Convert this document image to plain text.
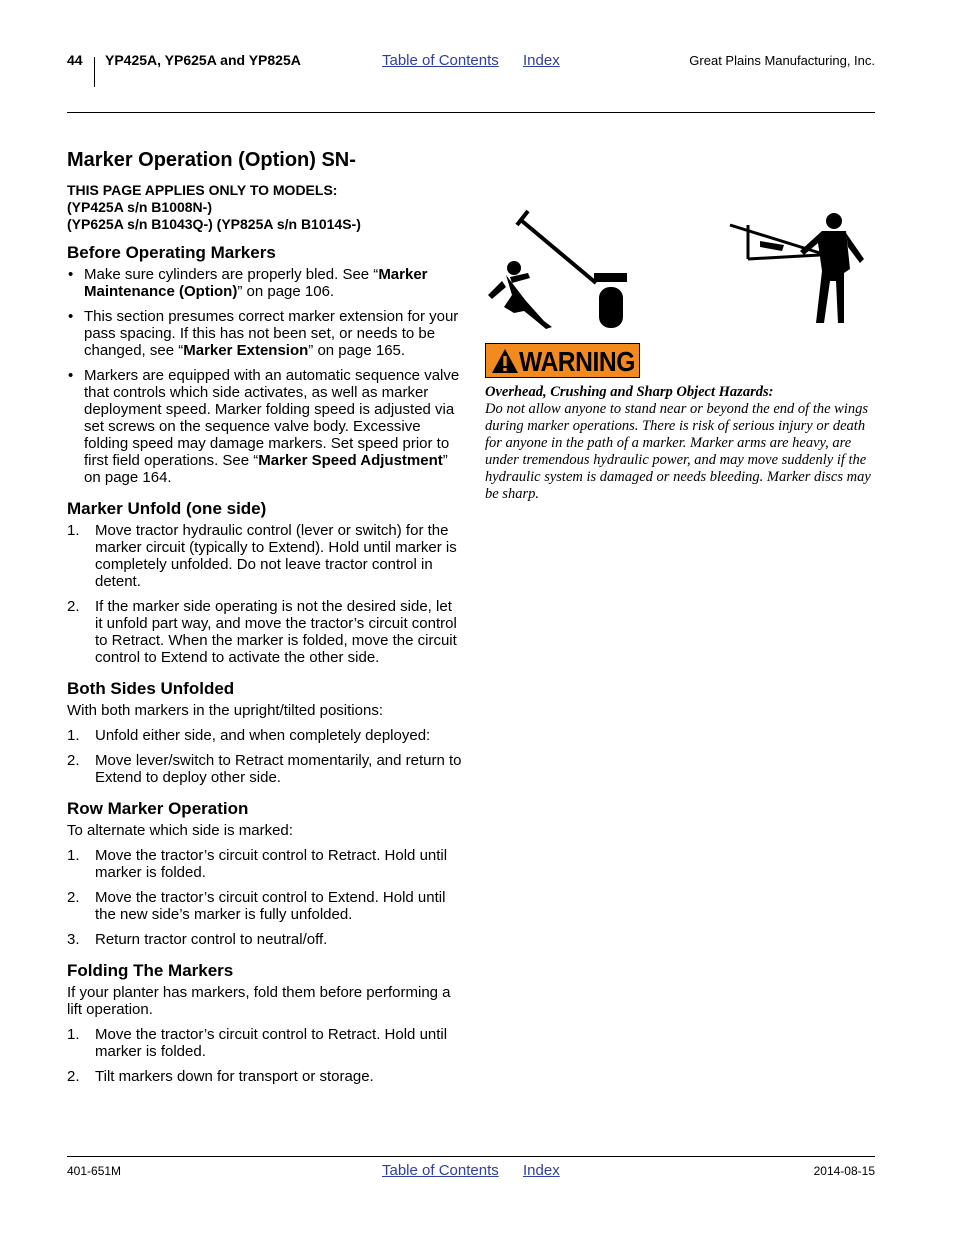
44 YP425A, YP625A and YP825A	Table of Contents Index	Great Plains Manufacturing, Inc.
Marker Operation (Option) SN-
THIS PAGE APPLIES ONLY TO MODELS:
(YP425A s/n B1008N-)
(YP625A s/n B1043Q-) (YP825A s/n B1014S-)
Before Operating Markers
• Make sure cylinders are properly bled. See “Marker Maintenance (Option)” on page 106.
• This section presumes correct marker extension for your pass spacing. If this has not been set, or needs to be changed, see “Marker Extension” on page 165.
• Markers are equipped with an automatic sequence valve that controls which side activates, as well as marker deployment speed. Marker folding speed is adjusted via set screws on the sequence valve body. Excessive folding speed may damage markers. Set speed prior to first field operations. See “Marker Speed Adjustment” on page 164.
Marker Unfold (one side)
1. Move tractor hydraulic control (lever or switch) for the marker circuit (typically to Extend). Hold until marker is completely unfolded. Do not leave tractor control in detent.
2. If the marker side operating is not the desired side, let it unfold part way, and move the tractor’s circuit control to Retract. When the marker is folded, move the circuit control to Extend to activate the other side.
Both Sides Unfolded

With both markers in the upright/tilted positions:

1. Unfold either side, and when completely deployed:
2. Move lever/switch to Retract momentarily, and return to Extend to deploy other side.
Row Marker Operation

To alternate which side is marked:

1. Move the tractor’s circuit control to Retract. Hold until marker is folded.
2. Move the tractor’s circuit control to Extend. Hold until the new side’s marker is fully unfolded.
3. Return tractor control to neutral/off.
Folding The Markers

If your planter has markers, fold them before performing a lift operation.

1. Move the tractor’s circuit control to Retract. Hold until marker is folded.
2. Tilt markers down for transport or storage.
WARNING
Overhead, Crushing and Sharp Object Hazards:
Do not allow anyone to stand near or beyond the end of the wings during marker operations. There is risk of serious injury or death for anyone in the path of a marker. Marker arms are heavy, are under tremendous hydraulic power, and may move suddenly if the hydraulic system is damaged or needs bleeding. Marker discs may be sharp.
401-651M	Table of Contents Index	2014-08-15
